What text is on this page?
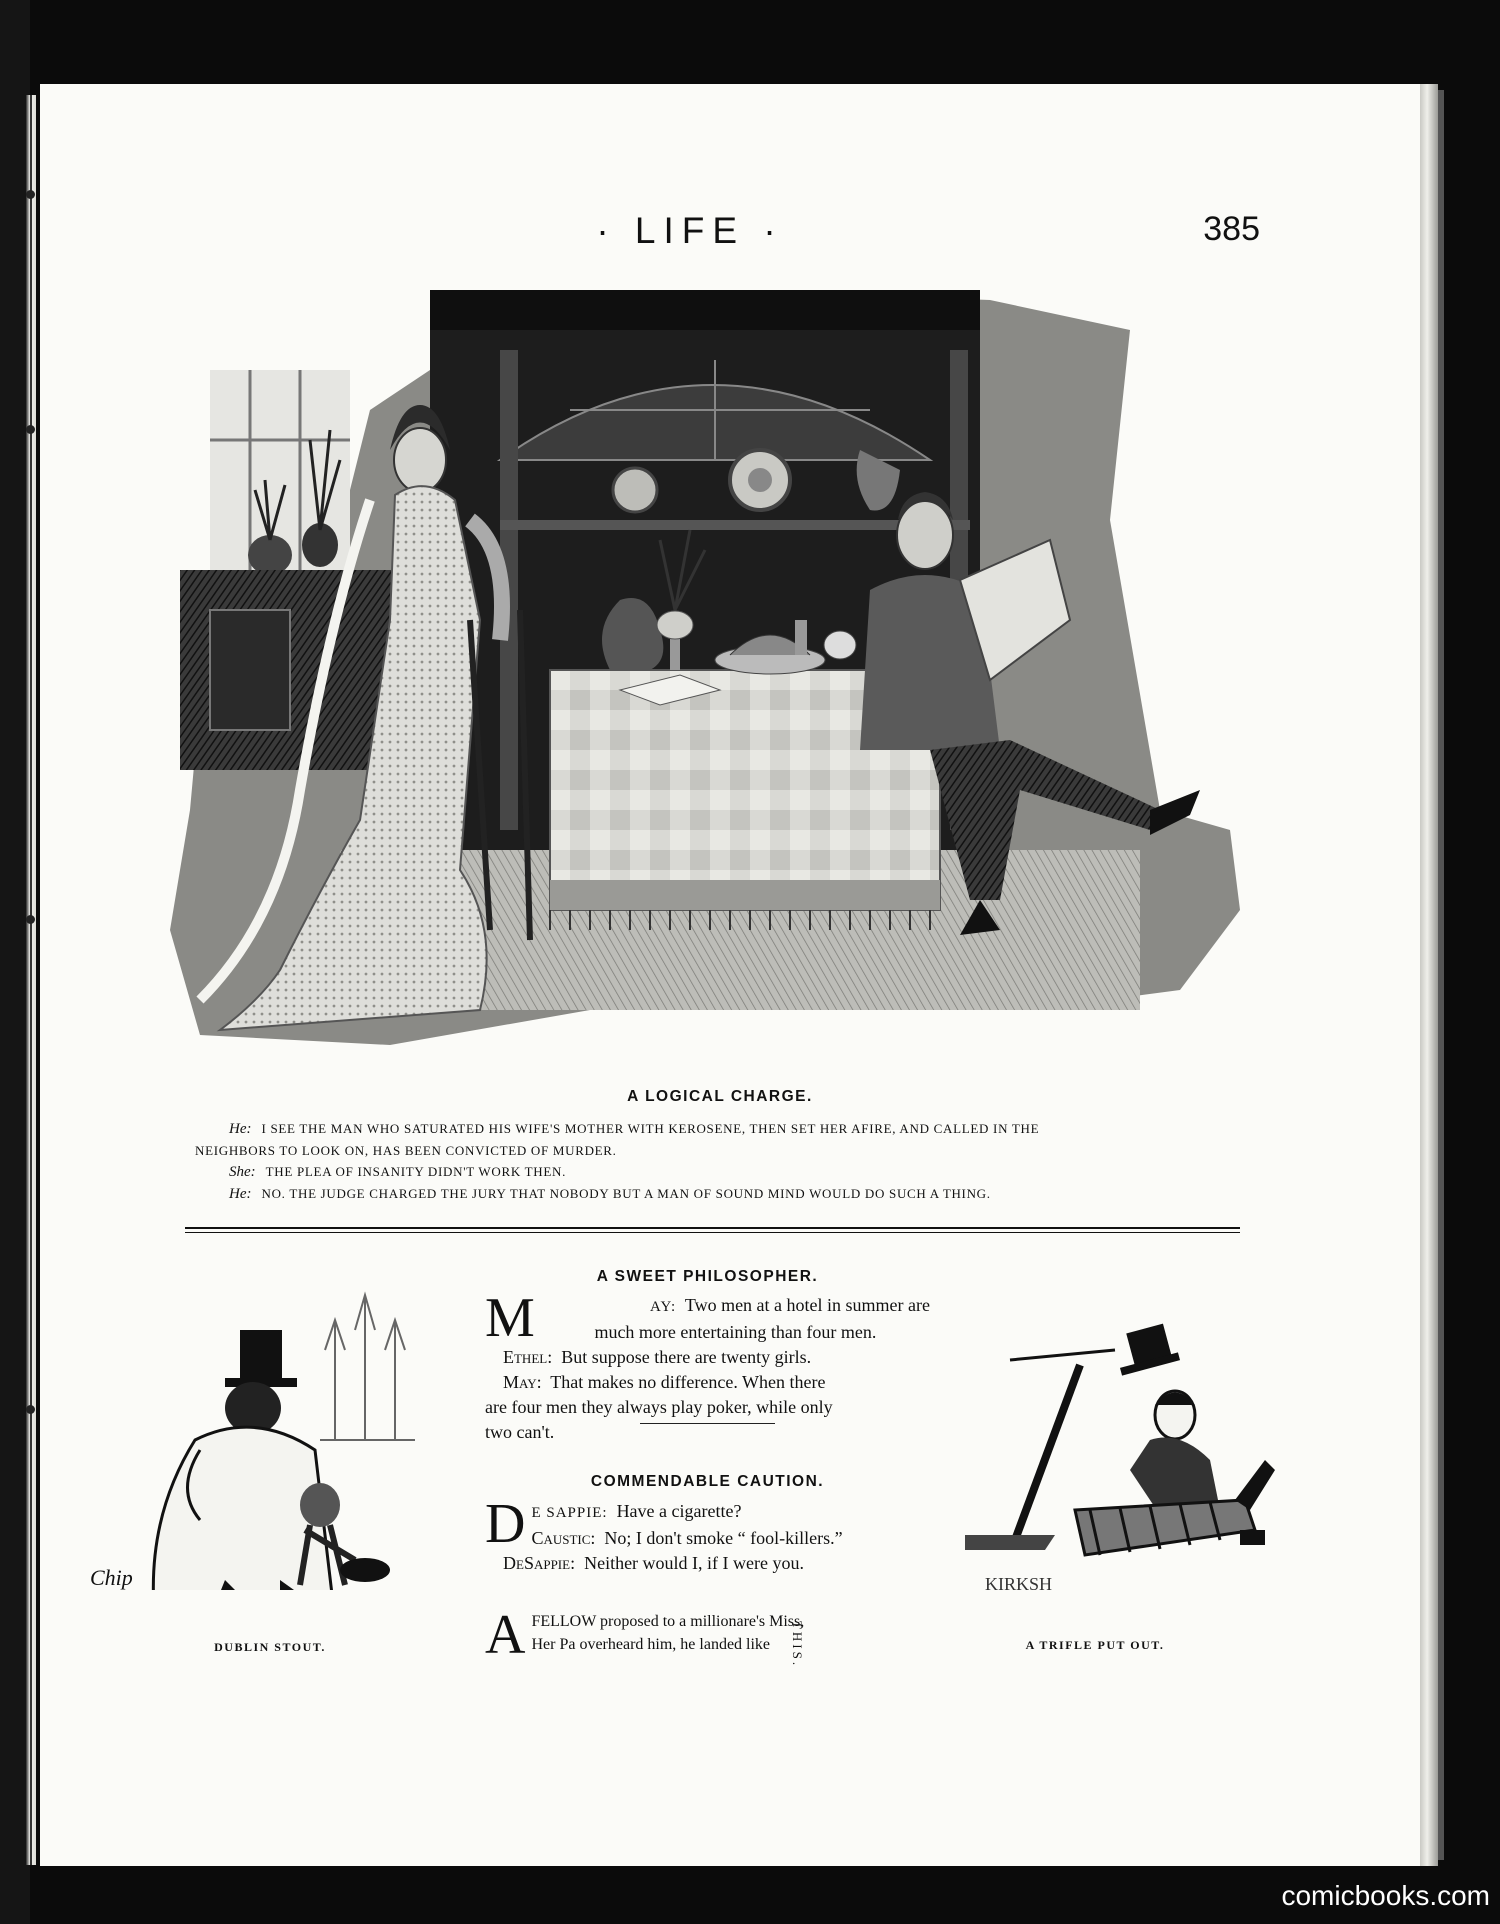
· LIFE ·	385
A LOGICAL CHARGE.
He: I SEE THE MAN WHO SATURATED HIS WIFE'S MOTHER WITH KEROSENE, THEN SET HER AFIRE, AND CALLED IN THE
NEIGHBORS TO LOOK ON, HAS BEEN CONVICTED OF MURDER.
She: THE PLEA OF INSANITY DIDN'T WORK THEN.
He: NO. THE JUDGE CHARGED THE JURY THAT NOBODY BUT A MAN OF SOUND MIND WOULD DO SUCH A THING.
Chip
DUBLIN STOUT.
A SWEET PHILOSOPHER.
M	AY: Two men at a hotel in summer are
much more entertaining than four men.
Ethel: But suppose there are twenty girls.
May: That makes no difference. When there
are four men they always play poker, while only
two can't.
COMMENDABLE CAUTION.
D E SAPPIE: Have a cigarette?
Caustic: No; I don't smoke “ fool-killers.”
DeSappie: Neither would I, if I were you.
A FELLOW proposed to a millionare's Miss,
Her Pa overheard him, he landed like THIS.
KIRKSH
A TRIFLE PUT OUT.
comicbooks.com
